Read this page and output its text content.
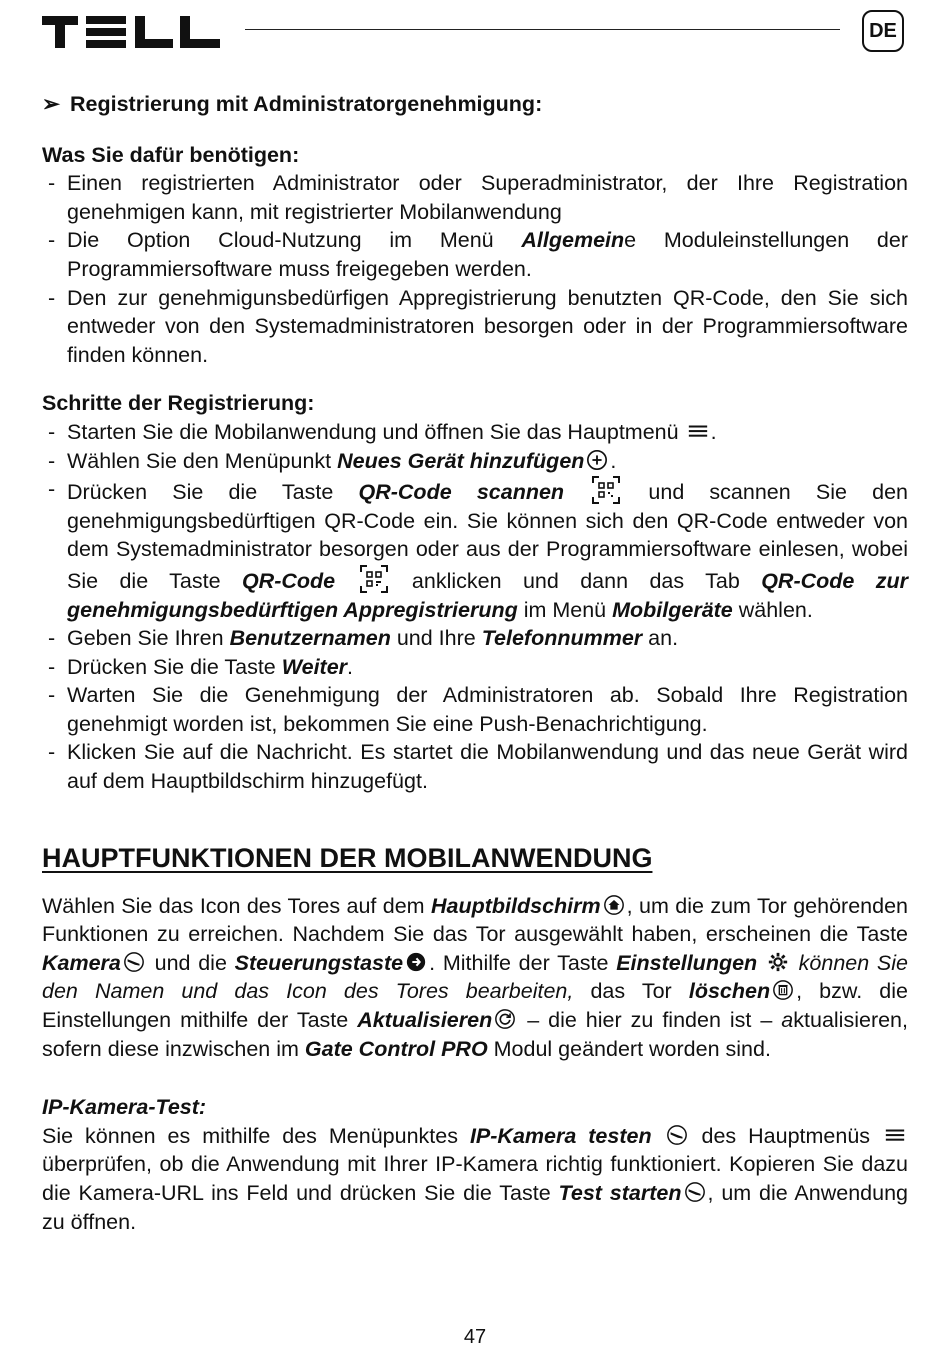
DE
➢ Registrierung mit Administratorgenehmigung:
Was Sie dafür benötigen:
- Einen registrierten Administrator oder Superadministrator, der Ihre Registration genehmigen kann, mit registrierter Mobilanwendung
- Die Option Cloud-Nutzung im Menü Allgemeine Moduleinstellungen der Programmiersoftware muss freigegeben werden.
- Den zur genehmigunsbedürfigen Appregistrierung benutzten QR-Code, den Sie sich entweder von den Systemadministratoren besorgen oder in der Programmiersoftware finden können.
Schritte der Registrierung:
- Starten Sie die Mobilanwendung und öffnen Sie das Hauptmenü
.
- Wählen Sie den Menüpunkt Neues Gerät hinzufügen .
- Drücken Sie die Taste QR-Code scannen	und scannen Sie den genehmigungsbedürftigen QR-Code ein. Sie können sich den QR-Code entweder von dem Systemadministrator besorgen oder aus der Programmiersoftware einlesen, wobei Sie die Taste QR-Code	anklicken und dann das Tab QR-Code zur genehmigungsbedürftigen Appregistrierung im Menü Mobilgeräte wählen.
- Geben Sie Ihren Benutzernamen und Ihre Telefonnummer an.
- Drücken Sie die Taste Weiter.
- Warten Sie die Genehmigung der Administratoren ab. Sobald Ihre Registration genehmigt worden ist, bekommen Sie eine Push-Benachrichtigung.
- Klicken Sie auf die Nachricht. Es startet die Mobilanwendung und das neue Gerät wird auf dem Hauptbildschirm hinzugefügt.
HAUPTFUNKTIONEN DER MOBILANWENDUNG

Wählen Sie das Icon des Tores auf dem Hauptbildschirm , um die zum Tor gehörenden Funktionen zu erreichen. Nachdem Sie das Tor ausgewählt haben, erscheinen die Taste Kamera
und die Steuerungstaste . Mithilfe der Taste Einstellungen
können Sie den Namen und das Icon des Tores bearbeiten, das Tor löschen , bzw. die Einstellungen mithilfe der Taste Aktualisieren
– die hier zu finden ist – aktualisieren, sofern diese inzwischen im Gate Control PRO Modul geändert worden sind.

IP-Kamera-Test:

Sie können es mithilfe des Menüpunktes IP-Kamera testen
des Hauptmenüs
überprüfen, ob die Anwendung mit Ihrer IP-Kamera richtig funktioniert. Kopieren Sie dazu die Kamera-URL ins Feld und drücken Sie die Taste Test starten , um die Anwendung zu öffnen.

47
